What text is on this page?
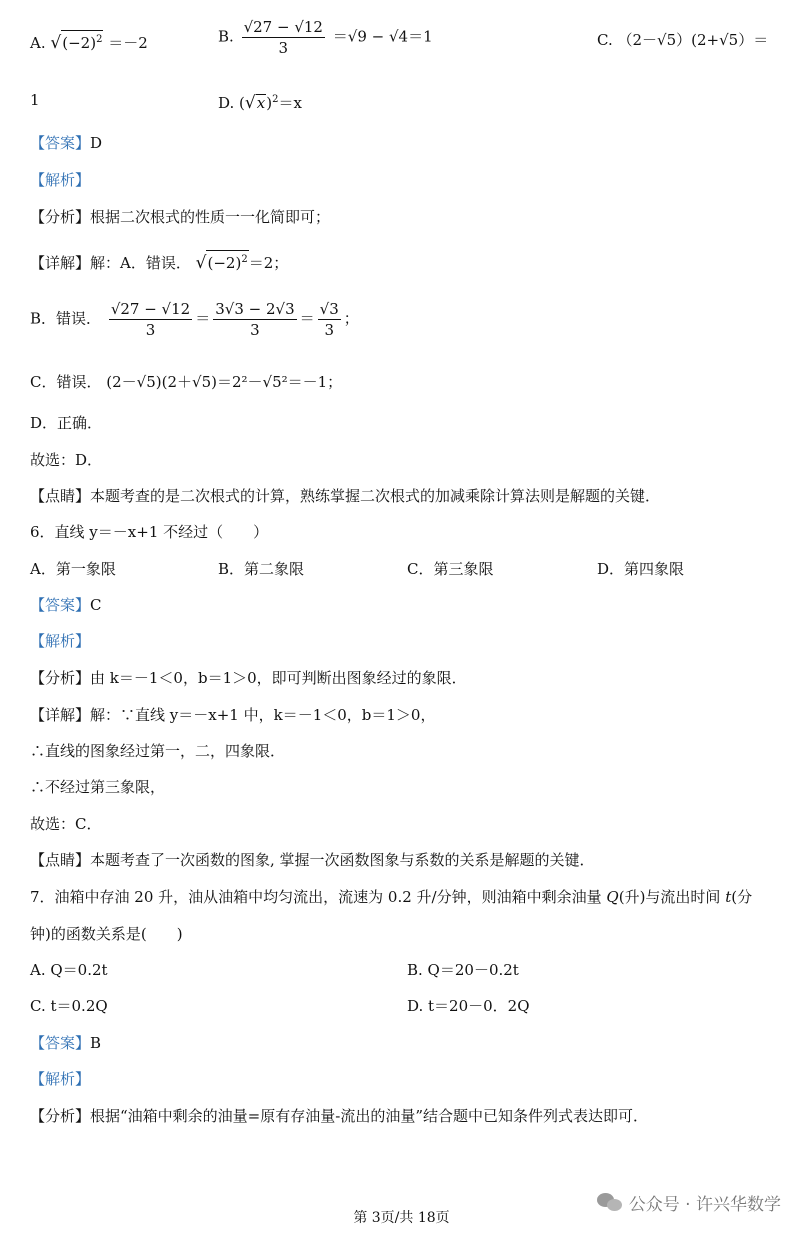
A. √ $(-2)^2 =-2$	B. $\frac{√27 - √12}{3} =√9 - √4=1$	C. （2－√5）(2+√5）＝
1	D. ( √ x )$^2$＝x
【答案】D
【解析】
【分析】根据二次根式的性质一一化简即可；
【详解】解：A．错误． √ $(-2)^2 =2$；
B．错误． $\frac{√27 - √12}{3} = \frac{3√3 - 2√3}{3} = \frac{√3}{3}$ ；
C．错误． (2－√5)(2＋√5)＝2²－√5²＝－1；
D．正确．
故选：D．
【点睛】本题考查的是二次根式的计算，熟练掌握二次根式的加减乘除计算法则是解题的关键．
6．直线 y＝－x+1 不经过（　　）
A．第一象限	B．第二象限	C．第三象限	D．第四象限
【答案】C
【解析】
【分析】由 k＝－1＜0，b＝1＞0，即可判断出图象经过的象限．
【详解】解：∵直线 y＝－x+1 中，k＝－1＜0，b＝1＞0，
∴直线的图象经过第一，二，四象限．
∴不经过第三象限，
故选：C．
【点睛】本题考查了一次函数的图象, 掌握一次函数图象与系数的关系是解题的关键．
7．油箱中存油 20 升，油从油箱中均匀流出，流速为 0.2 升/分钟，则油箱中剩余油量 Q(升)与流出时间 t(分
钟)的函数关系是(　　)
A. Q＝0.2t	B. Q＝20－0.2t
C. t＝0.2Q	D. t＝20－0．2Q
【答案】B
【解析】
【分析】根据“油箱中剩余的油量=原有存油量-流出的油量”结合题中已知条件列式表达即可．
公众号 · 许兴华数学
第 3页/共 18页
